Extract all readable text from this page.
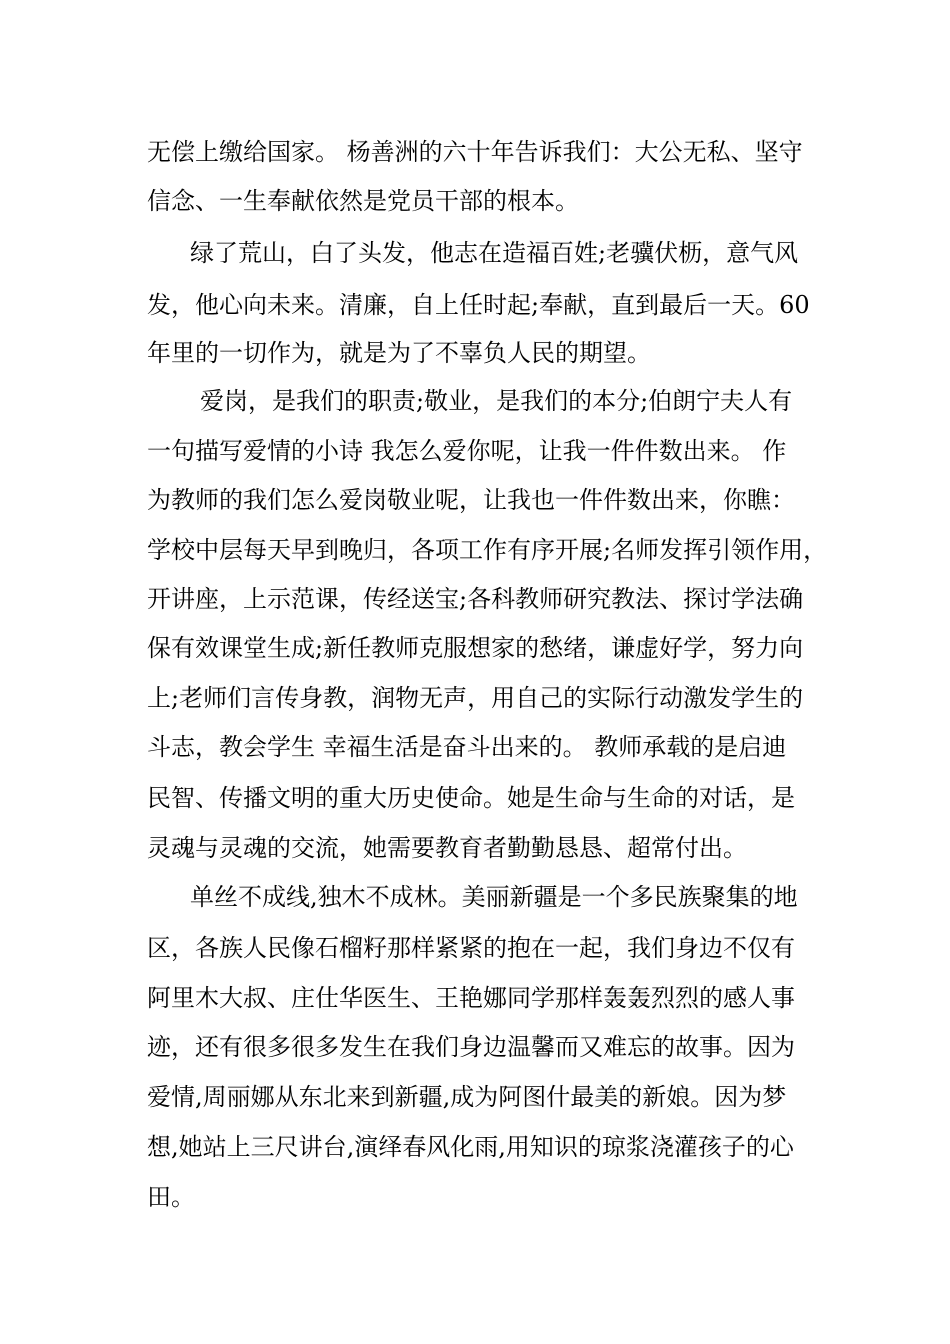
无偿上缴给国家。 杨善洲的六十年告诉我们：大公无私、坚守
信念、一生奉献依然是党员干部的根本。
绿了荒山，白了头发，他志在造福百姓;老骥伏枥，意气风
发，他心向未来。清廉，自上任时起;奉献，直到最后一天。60
年里的一切作为，就是为了不辜负人民的期望。
爱岗，是我们的职责;敬业，是我们的本分;伯朗宁夫人有
一句描写爱情的小诗 我怎么爱你呢，让我一件件数出来。 作
为教师的我们怎么爱岗敬业呢，让我也一件件数出来，你瞧：
学校中层每天早到晚归，各项工作有序开展;名师发挥引领作用，
开讲座，上示范课，传经送宝;各科教师研究教法、探讨学法确
保有效课堂生成;新任教师克服想家的愁绪，谦虚好学，努力向
上;老师们言传身教，润物无声，用自己的实际行动激发学生的
斗志，教会学生 幸福生活是奋斗出来的。 教师承载的是启迪
民智、传播文明的重大历史使命。她是生命与生命的对话，是
灵魂与灵魂的交流，她需要教育者勤勤恳恳、超常付出。
单丝不成线,独木不成林。美丽新疆是一个多民族聚集的地
区，各族人民像石榴籽那样紧紧的抱在一起，我们身边不仅有
阿里木大叔、庄仕华医生、王艳娜同学那样轰轰烈烈的感人事
迹，还有很多很多发生在我们身边温馨而又难忘的故事。因为
爱情,周丽娜从东北来到新疆,成为阿图什最美的新娘。因为梦
想,她站上三尺讲台,演绎春风化雨,用知识的琼浆浇灌孩子的心
田。
